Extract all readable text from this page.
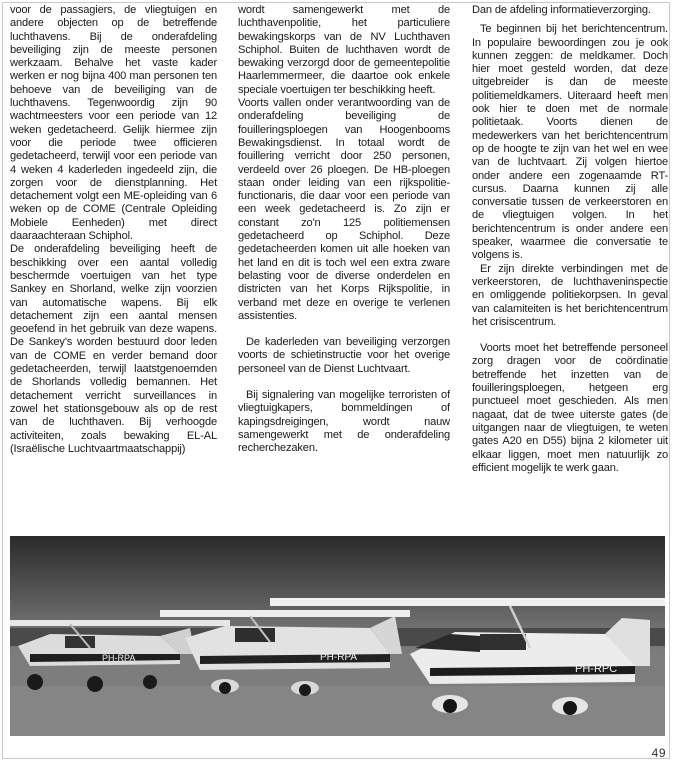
voor de passagiers, de vliegtuigen en andere objecten op de betreffende luchthavens. Bij de onderafdeling beveiliging zijn de meeste personen werkzaam. Behalve het vaste kader werken er nog bijna 400 man personen ten behoeve van de beveiliging van de luchthavens. Tegenwoordig zijn 90 wachtmeesters voor een periode van 12 weken gedetacheerd. Gelijk hiermee zijn voor die periode twee officieren gedetacheerd, terwijl voor een periode van 4 weken 4 kaderleden ingedeeld zijn, die zorgen voor de dienstplanning. Het detachement volgt een ME-opleiding van 6 weken op de COME (Centrale Opleiding Mobiele Eenheden) met direct daaraachteraan Schiphol.

De onderafdeling beveiliging heeft de beschikking over een aantal volledig beschermde voertuigen van het type Sankey en Shorland, welke zijn voorzien van automatische wapens. Bij elk detachement zijn een aantal mensen geoefend in het gebruik van deze wapens. De Sankey's worden bestuurd door leden van de COME en verder bemand door gedetacheerden, terwijl laatstgenoemden de Shorlands volledig bemannen. Het detachement verricht surveillances in zowel het stationsgebouw als op de rest van de luchthaven. Bij verhoogde activiteiten, zoals bewaking EL-AL (Israëlische Luchtvaartmaatschappij)

wordt samengewerkt met de luchthavenpolitie, het particuliere bewakingskorps van de NV Luchthaven Schiphol. Buiten de luchthaven wordt de bewaking verzorgd door de gemeentepolitie Haarlemmermeer, die daartoe ook enkele speciale voertuigen ter beschikking heeft.

Voorts vallen onder verantwoording van de onderafdeling beveiliging de fouilleringsploegen van Hoogenbooms Bewakingsdienst. In totaal wordt de fouillering verricht door 250 personen, verdeeld over 26 ploegen. De HB-ploegen staan onder leiding van een rijkspolitie-functionaris, die daar voor een periode van een week gedetacheerd is. Zo zijn er constant zo'n 125 politiemensen gedetacheerd op Schiphol. Deze gedetacheerden komen uit alle hoeken van het land en dit is toch wel een extra zware belasting voor de diverse onderdelen en districten van het Korps Rijkspolitie, in verband met deze en overige te verlenen assistenties.

De kaderleden van beveiliging verzorgen voorts de schietinstructie voor het overige personeel van de Dienst Luchtvaart.

Bij signalering van mogelijke terroristen of vliegtuigkapers, bommeldingen of kapingsdreigingen, wordt nauw samengewerkt met de onderafdeling recherchezaken.

Dan de afdeling informatieverzorging.

Te beginnen bij het berichtencentrum. In populaire bewoordingen zou je ook kunnen zeggen: de meldkamer. Doch hier moet gesteld worden, dat deze uitgebreider is dan de meeste politiemeldkamers. Uiteraard heeft men ook hier te doen met de normale politietaak. Voorts dienen de medewerkers van het berichtencentrum op de hoogte te zijn van het wel en wee van de luchtvaart. Zij volgen hiertoe onder andere een zogenaamde RT-cursus. Daarna kunnen zij alle conversatie tussen de verkeerstoren en de vliegtuigen volgen. In het berichtencentrum is onder andere een speaker, waarmee die conversatie te volgens is.

Er zijn direkte verbindingen met de verkeerstoren, de luchthaveninspectie en omliggende politiekorpsen. In geval van calamiteiten is het berichtencentrum het crisiscentrum.

Voorts moet het betreffende personeel zorg dragen voor de coördinatie betreffende het inzetten van de fouilleringsploegen, hetgeen erg punctueel moet geschieden. Als men nagaat, dat de twee uiterste gates (de uitgangen naar de vliegtuigen, te weten gates A20 en D55) bijna 2 kilometer uit elkaar liggen, moet men natuurlijk zo efficient mogelijk te werk gaan.

PH-RPA	PH-RPA
PH-RPC
49
